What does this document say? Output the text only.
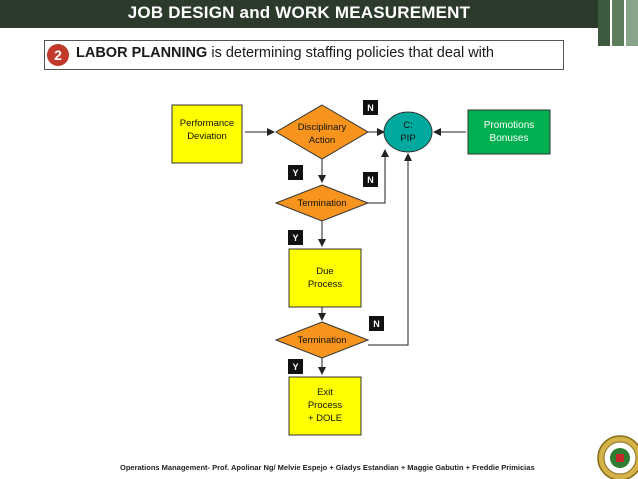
JOB DESIGN and WORK MEASUREMENT
2 LABOR PLANNING is determining staffing policies that deal with
Performance
Deviation
Disciplinary
Action
C:
PIP
Promotions
Bonuses
Termination
Due
Process
Termination
Exit
Process
+ DOLE
N
Y
N
Y
N
Y
Operations Management- Prof. Apolinar Ng/ Melvie Espejo + Gladys Estandian + Maggie Gabutin + Freddie Primicias
